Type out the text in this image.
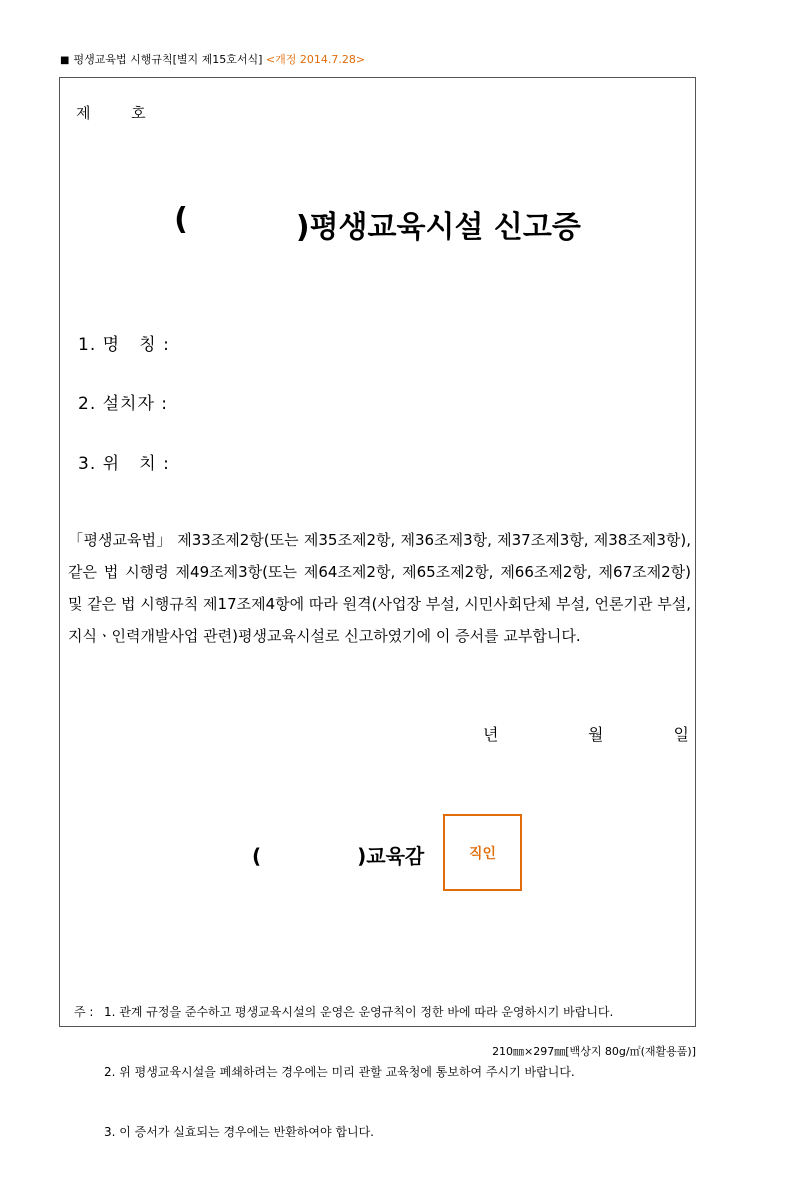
■ 평생교육법 시행규칙[별지 제15호서식] <개정 2014.7.28>
제      호
(	)평생교육시설 신고증
1. 명   칭 :
2. 설치자 :
3. 위   치 :
「평생교육법」 제33조제2항(또는 제35조제2항, 제36조제3항, 제37조제3항, 제38조제3항), 같은 법 시행령 제49조제3항(또는 제64조제2항, 제65조제2항, 제66조제2항, 제67조제2항) 및 같은 법 시행규칙 제17조제4항에 따라 원격(사업장 부설, 시민사회단체 부설, 언론기관 부설, 지식ㆍ인력개발사업 관련)평생교육시설로 신고하였기에 이 증서를 교부합니다.
년	월	일
(	)교육감	직인

주 : 1. 관계 규정을 준수하고 평생교육시설의 운영은 운영규칙이 정한 바에 따라 운영하시기 바랍니다.

2. 위 평생교육시설을 폐쇄하려는 경우에는 미리 관할 교육청에 통보하여 주시기 바랍니다.

3. 이 증서가 실효되는 경우에는 반환하여야 합니다.

210㎜×297㎜[백상지 80g/㎡(재활용품)]
